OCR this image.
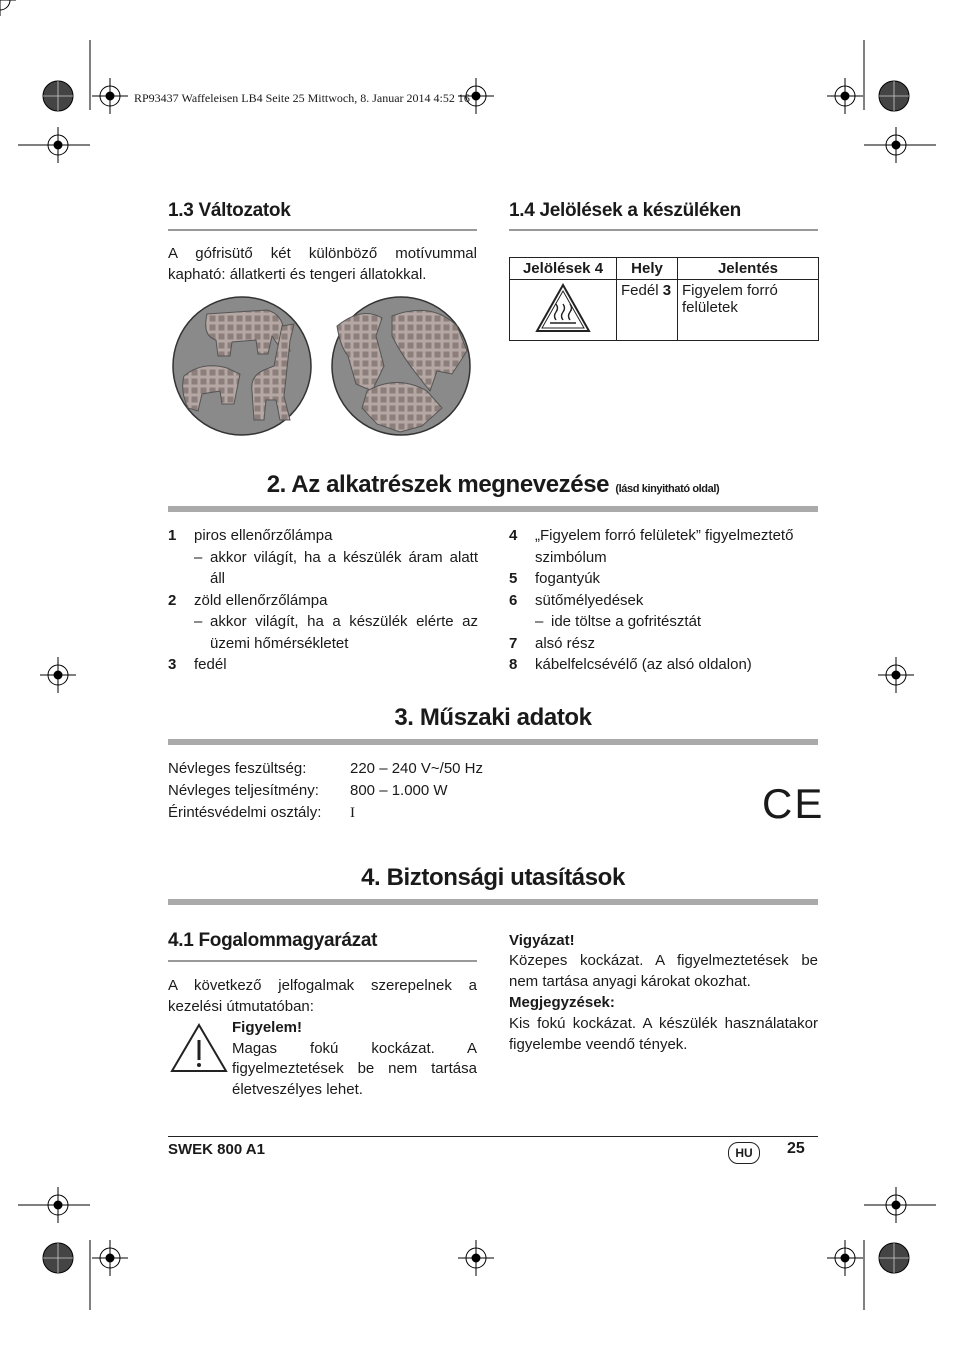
RP93437 Waffeleisen LB4 Seite 25 Mittwoch, 8. Januar 2014 4:52 16
1.3 Változatok
A gófrisütő két különböző motívummal
kapható: állatkerti és tengeri állatokkal.
1.4 Jelölések a készüléken
Jelölések 4	Hely	Jelentés
	Fedél 3	Figyelem forró
felületek
2. Az alkatrészek megnevezése (lásd kinyitható oldal)
1 piros ellenőrzőlámpa
– akkor világít, ha a készülék áram alatt
áll
2 zöld ellenőrzőlámpa
– akkor világít, ha a készülék elérte az
üzemi hőmérsékletet
3 fedél
4 „Figyelem forró felületek” figyelmeztető
szimbólum
5 fogantyúk
6 sütőmélyedések
– ide töltse a gofritésztát
7 alsó rész
8 kábelfelcsévélő (az alsó oldalon)
3. Műszaki adatok
Névleges feszültség:	220 – 240 V~/50 Hz
Névleges teljesítmény:	800 – 1.000 W
Érintésvédelmi osztály:	I	CE
4. Biztonsági utasítások
4.1 Fogalommagyarázat
A következő jelfogalmak szerepelnek a
kezelési útmutatóban:
Figyelem!
Magas fokú kockázat. A
figyelmeztetések be nem tartása
életveszélyes lehet.
Vigyázat!
Közepes kockázat. A figyelmeztetések be
nem tartása anyagi károkat okozhat.
Megjegyzések:
Kis fokú kockázat. A készülék használatakor
figyelembe veendő tények.
SWEK 800 A1	HU	25
